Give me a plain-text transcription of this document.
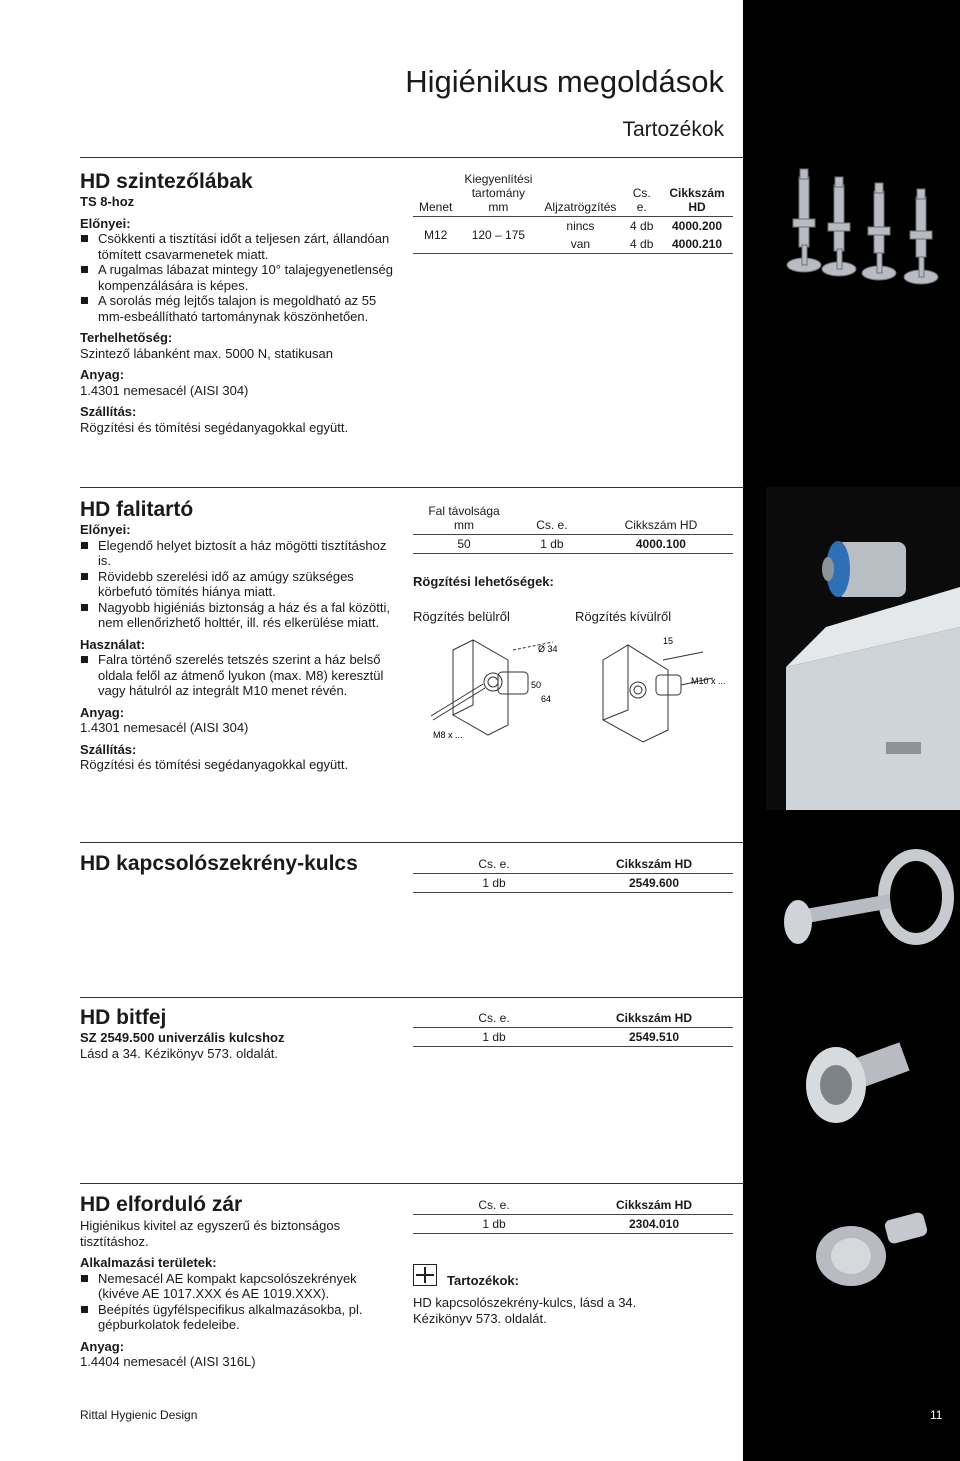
Higiénikus megoldások
Tartozékok
HD szintezőlábak
TS 8-hoz
Előnyei:
Csökkenti a tisztítási időt a teljesen zárt, állandóan tömített csavarmenetek miatt.
A rugalmas lábazat mintegy 10° talajegyenetlenség kompenzálására is képes.
A sorolás még lejtős talajon is megoldható az 55 mm-esbeállítható tartománynak köszönhetően.
Terhelhetőség:
Szintező lábanként max. 5000 N, statikusan
Anyag:
1.4301 nemesacél (AISI 304)
Szállítás:
Rögzítési és tömítési segédanyagokkal együtt.
Menet	Kiegyenlítési tartomány mm	Aljzatrögzítés	Cs. e.	Cikkszám HD
M12	120 – 175	nincs	4 db	4000.200
		van	4 db	4000.210
HD falitartó
Előnyei:
Elegendő helyet biztosít a ház mögötti tisztításhoz is.
Rövidebb szerelési idő az amúgy szükséges körbefutó tömítés hiánya miatt.
Nagyobb higiéniás biztonság a ház és a fal közötti, nem ellenőrizhető holttér, ill. rés elkerülése miatt.
Használat:
Falra történő szerelés tetszés szerint a ház belső oldala felől az átmenő lyukon (max. M8) keresztül vagy hátulról az integrált M10 menet révén.
Anyag:
1.4301 nemesacél (AISI 304)
Szállítás:
Rögzítési és tömítési segédanyagokkal együtt.
Fal távolsága mm	Cs. e.	Cikkszám HD
50	1 db	4000.100
Rögzítési lehetőségek:
Rögzítés belülről	Rögzítés kívülről
Ø 34
50
64
M8 x ...
15
M10 x ...
HD kapcsolószekrény-kulcs	Cs. e.	Cikkszám HD
1 db	2549.600
HD bitfej
SZ 2549.500 univerzális kulcshoz
Lásd a 34. Kézikönyv 573. oldalát.
Cs. e.	Cikkszám HD
1 db	2549.510
HD elforduló zár
Higiénikus kivitel az egyszerű és biztonságos tisztításhoz.
Alkalmazási területek:
Nemesacél AE kompakt kapcsolószekrények (kivéve AE 1017.XXX és AE 1019.XXX).
Beépítés ügyfélspecifikus alkalmazásokba, pl. gépburkolatok fedeleibe.
Anyag:
1.4404 nemesacél (AISI 316L)
Cs. e.	Cikkszám HD
1 db	2304.010
Tartozékok:
HD kapcsolószekrény-kulcs, lásd a 34. Kézikönyv 573. oldalát.
Rittal Hygienic Design	11
